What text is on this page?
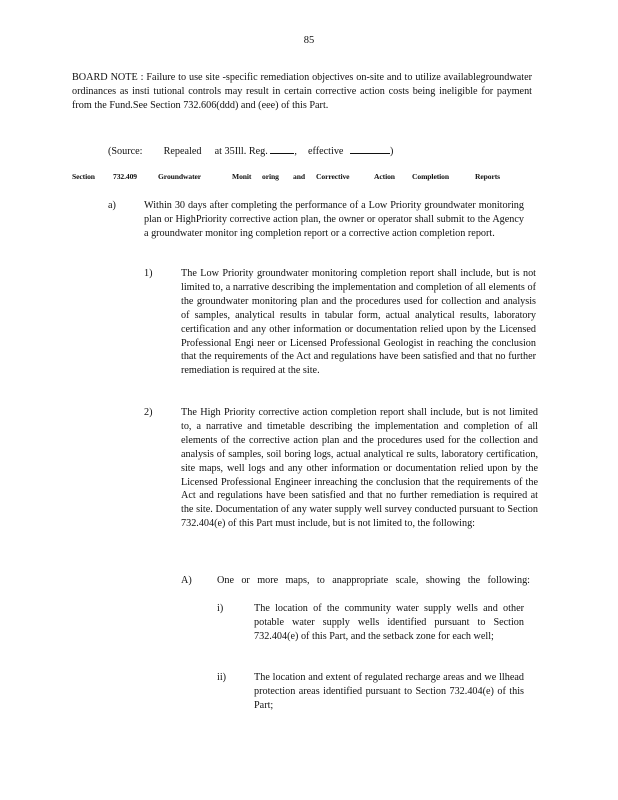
85
BOARD NOTE : Failure to use site -specific remediation objectives on-site and to utilize availablegroundwater ordinances as insti tutional controls may result in certain corrective action costs being ineligible for payment from the Fund.See Section 732.606(ddd) and (eee) of this Part.
(Source: Repealed at 35Ill. Reg.	, effective	)
Section 732.409	Groundwater	Monit oring and Corrective	Action Completion	Reports
a)	Within 30 days after completing the performance of a Low Priority groundwater monitoring plan or HighPriority corrective action plan, the owner or operator shall submit to the Agency a groundwater monitor ing completion report or a corrective action completion report.
1)	The Low Priority groundwater monitoring completion report shall include, but is not limited to, a narrative describing the implementation and completion of all elements of the groundwater monitoring plan and the procedures used for collection and analysis of samples, analytical results in tabular form, actual analytical results, laboratory certification and any other information or documentation relied upon by the Licensed Professional Engi neer or Licensed Professional Geologist in reaching the conclusion that the requirements of the Act and regulations have been satisfied and that no further remediation is required at the site.
2)	The High Priority corrective action completion report shall include, but is not limited to, a narrative and timetable describing the implementation and completion of all elements of the corrective action plan and the procedures used for the collection and analysis of samples, soil boring logs, actual analytical re sults, laboratory certification, site maps, well logs and any other information or documentation relied upon by the Licensed Professional Engineer inreaching the conclusion that the requirements of the Act and regulations have been satisfied and that no further remediation is required at the site. Documentation of any water supply well survey conducted pursuant to Section 732.404(e) of this Part must include, but is not limited to, the following:
A) One or more maps, to anappropriate scale, showing the following:
i)	The location of the community water supply wells and other potable water supply wells identified pursuant to Section 732.404(e) of this Part, and the setback zone for each well;
ii)	The location and extent of regulated recharge areas and we llhead protection areas identified pursuant to Section 732.404(e) of this Part;
